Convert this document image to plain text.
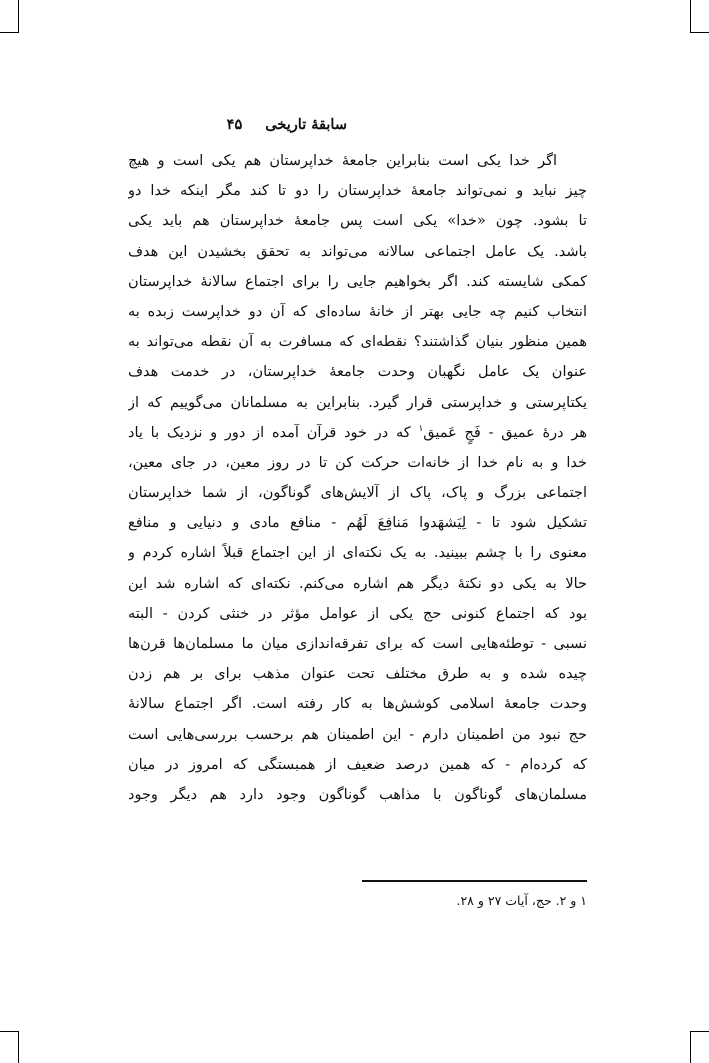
سابقهٔ تاریخی ۴۵
اگر خدا یکی است بنابراین جامعهٔ خداپرستان هم یکی است و هیچ
چیز نباید و نمی‌تواند جامعهٔ خداپرستان را دو تا کند مگر اینکه خدا دو
تا بشود. چون «خدا» یکی است پس جامعهٔ خداپرستان هم باید یکی
باشد. یک عامل اجتماعی سالانه می‌تواند به تحقق بخشیدن این هدف
کمکی شایسته کند. اگر بخواهیم جایی را برای اجتماع سالانهٔ خداپرستان
انتخاب کنیم چه جایی بهتر از خانهٔ ساده‌ای که آن دو خداپرست زبده به
همین منظور بنیان گذاشتند؟ نقطه‌ای که مسافرت به آن نقطه می‌تواند به
عنوان یک عامل نگهبان وحدت جامعهٔ خداپرستان، در خدمت هدف
یکتاپرستی و خداپرستی قرار گیرد. بنابراین به مسلمانان می‌گوییم که از
هر درهٔ عمیق - فَجٍ عَمیق$^۱$ که در خود قرآن آمده از دور و نزدیک با یاد
خدا و به نام خدا از خانه‌ات حرکت کن تا در روز معین، در جای معین،
اجتماعی بزرگ و پاک، پاک از آلایش‌های گوناگون، از شما خداپرستان
تشکیل شود تا - لِیَشهَدوا مَنافِعَ لَهُم - منافع مادی و دنیایی و منافع
معنوی را با چشم ببینید. به یک نکته‌ای از این اجتماع قبلاً اشاره کردم و
حالا به یکی دو نکتهٔ دیگر هم اشاره می‌کنم. نکته‌ای که اشاره شد این
بود که اجتماع کنونی حج یکی از عوامل مؤثر در خنثی کردن - البته
نسبی - توطئه‌هایی است که برای تفرقه‌اندازی میان ما مسلمان‌ها قرن‌ها
چیده شده و به طرق مختلف تحت عنوان مذهب برای بر هم زدن
وحدت جامعهٔ اسلامی کوشش‌ها به کار رفته است. اگر اجتماع سالانهٔ
حج نبود من اطمینان دارم - این اطمینان هم برحسب بررسی‌هایی است
که کرده‌ام - که همین درصد ضعیف از همبستگی که امروز در میان
مسلمان‌های گوناگون با مذاهب گوناگون وجود دارد هم دیگر وجود
۱ و ۲. حج، آیات ۲۷ و ۲۸.
